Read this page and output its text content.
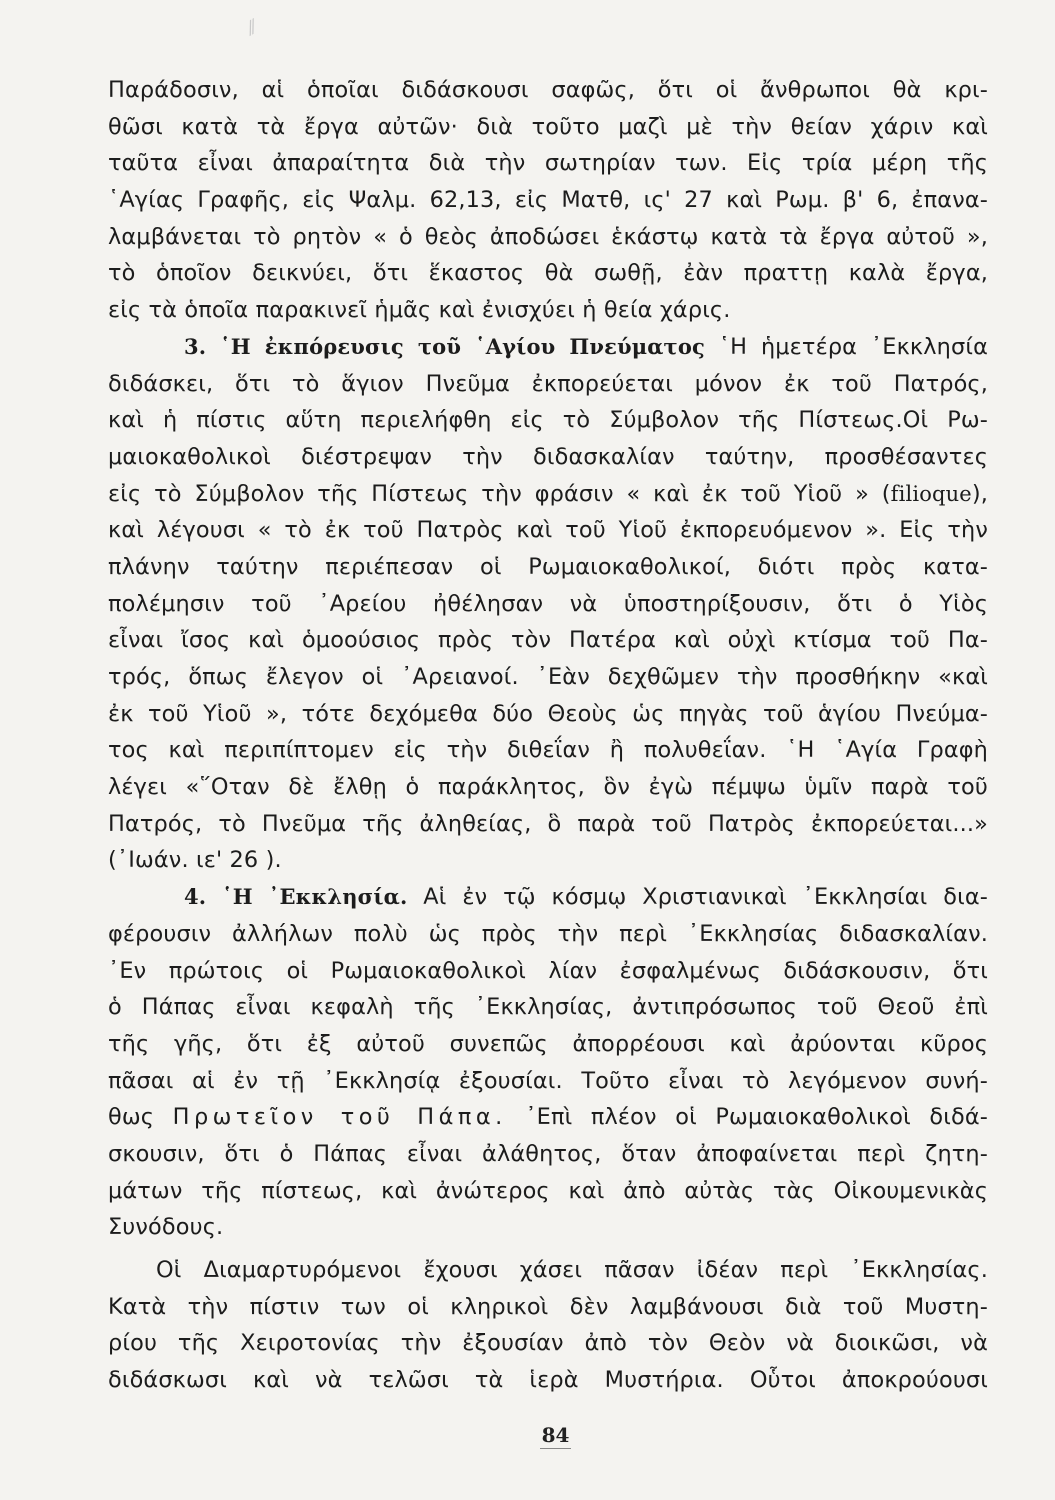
⁄⁄
Παράδοσιν, αἱ ὁποῖαι διδάσκουσι σαφῶς, ὅτι οἱ ἄνθρωποι θὰ κρι-
θῶσι κατὰ τὰ ἔργα αὐτῶν· διὰ τοῦτο μαζὶ μὲ τὴν θείαν χάριν καὶ
ταῦτα εἶναι ἀπαραίτητα διὰ τὴν σωτηρίαν των. Εἰς τρία μέρη τῆς
῾Αγίας Γραφῆς, εἰς Ψαλμ. 62,13, εἰς Ματθ, ις' 27 καὶ Ρωμ. β' 6, ἐπανα-
λαμβάνεται τὸ ρητὸν « ὁ θεὸς ἀποδώσει ἑκάστῳ κατὰ τὰ ἔργα αὐτοῦ »,
τὸ ὁποῖον δεικνύει, ὅτι ἕκαστος θὰ σωθῇ, ἐὰν πραττῃ καλὰ ἔργα,
εἰς τὰ ὁποῖα παρακινεῖ ἡμᾶς καὶ ἐνισχύει ἡ θεία χάρις.
3. ῾Η ἐκπόρευσις τοῦ ῾Αγίου Πνεύματος ῾Η ἡμετέρα ᾿Εκκλησία
διδάσκει, ὅτι τὸ ἅγιον Πνεῦμα ἐκπορεύεται μόνον ἐκ τοῦ Πατρός,
καὶ ἡ πίστις αὕτη περιελήφθη εἰς τὸ Σύμβολον τῆς Πίστεως.Οἱ Ρω-
μαιοκαθολικοὶ διέστρεψαν τὴν διδασκαλίαν ταύτην, προσθέσαντες
εἰς τὸ Σύμβολον τῆς Πίστεως τὴν φράσιν « καὶ ἐκ τοῦ Υἱοῦ » (filioque),
καὶ λέγουσι « τὸ ἐκ τοῦ Πατρὸς καὶ τοῦ Υἱοῦ ἐκπορευόμενον ». Εἰς τὴν
πλάνην ταύτην περιέπεσαν οἱ Ρωμαιοκαθολικοί, διότι πρὸς κατα-
πολέμησιν τοῦ ᾿Αρείου ἠθέλησαν νὰ ὑποστηρίξουσιν, ὅτι ὁ Υἱὸς
εἶναι ἴσος καὶ ὁμοούσιος πρὸς τὸν Πατέρα καὶ οὐχὶ κτίσμα τοῦ Πα-
τρός, ὅπως ἔλεγον οἱ ᾿Αρειανοί. ᾿Εὰν δεχθῶμεν τὴν προσθήκην «καὶ
ἐκ τοῦ Υἱοῦ », τότε δεχόμεθα δύο Θεοὺς ὡς πηγὰς τοῦ ἁγίου Πνεύμα-
τος καὶ περιπίπτομεν εἰς τὴν διθεΐαν ἢ πολυθεΐαν. ῾Η ῾Αγία Γραφὴ
λέγει «῞Οταν δὲ ἔλθῃ ὁ παράκλητος, ὃν ἐγὼ πέμψω ὑμῖν παρὰ τοῦ
Πατρός, τὸ Πνεῦμα τῆς ἀληθείας, ὃ παρὰ τοῦ Πατρὸς ἐκπορεύεται...»
(᾿Ιωάν. ιε' 26 ).
4. ῾Η ᾿Εκκλησία. Αἱ ἐν τῷ κόσμῳ Χριστιανικαὶ ᾿Εκκλησίαι δια-
φέρουσιν ἀλλήλων πολὺ ὡς πρὸς τὴν περὶ ᾿Εκκλησίας διδασκαλίαν.
᾿Εν πρώτοις οἱ Ρωμαιοκαθολικοὶ λίαν ἐσφαλμένως διδάσκουσιν, ὅτι
ὁ Πάπας εἶναι κεφαλὴ τῆς ᾿Εκκλησίας, ἀντιπρόσωπος τοῦ Θεοῦ ἐπὶ
τῆς γῆς, ὅτι ἐξ αὐτοῦ συνεπῶς ἀπορρέουσι καὶ ἀρύονται κῦρος
πᾶσαι αἱ ἐν τῇ ᾿Εκκλησίᾳ ἐξουσίαι. Τοῦτο εἶναι τὸ λεγόμενον συνή-
θως Πρωτεῖον τοῦ Πάπα. ᾿Επὶ πλέον οἱ Ρωμαιοκαθολικοὶ διδά-
σκουσιν, ὅτι ὁ Πάπας εἶναι ἀλάθητος, ὅταν ἀποφαίνεται περὶ ζητη-
μάτων τῆς πίστεως, καὶ ἀνώτερος καὶ ἀπὸ αὐτὰς τὰς Οἰκουμενικὰς
Συνόδους.
Οἱ Διαμαρτυρόμενοι ἔχουσι χάσει πᾶσαν ἰδέαν περὶ ᾿Εκκλησίας.
Κατὰ τὴν πίστιν των οἱ κληρικοὶ δὲν λαμβάνουσι διὰ τοῦ Μυστη-
ρίου τῆς Χειροτονίας τὴν ἐξουσίαν ἀπὸ τὸν Θεὸν νὰ διοικῶσι, νὰ
διδάσκωσι καὶ νὰ τελῶσι τὰ ἱερὰ Μυστήρια. Οὗτοι ἀποκρούουσι
84
